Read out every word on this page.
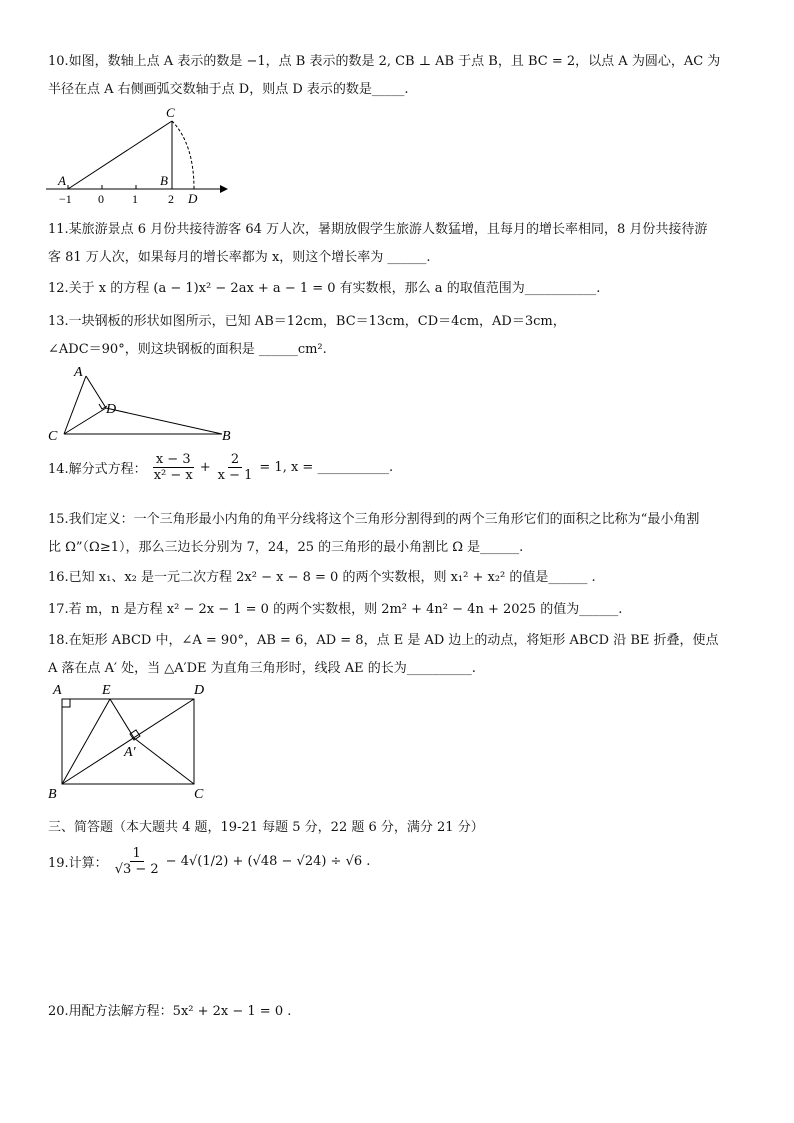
10.如图，数轴上点 A 表示的数是 −1，点 B 表示的数是 2, CB ⊥ AB 于点 B，且 BC = 2，以点 A 为圆心，AC 为
半径在点 A 右侧画弧交数轴于点 D，则点 D 表示的数是_____.
C
A	B
D
−1 0 1	2
11.某旅游景点 6 月份共接待游客 64 万人次，暑期放假学生旅游人数猛增，且每月的增长率相同，8 月份共接待游
客 81 万人次，如果每月的增长率都为 x，则这个增长率为 ______.
12.关于 x 的方程 (a − 1)x² − 2ax + a − 1 = 0 有实数根，那么 a 的取值范围为___________.
13.一块钢板的形状如图所示，已知 AB＝12cm，BC＝13cm，CD＝4cm，AD＝3cm，
∠ADC＝90°，则这块钢板的面积是 ______cm².
A
D
C	B
14.解分式方程： $\frac{x - 3}{\text{x² − x}} + \frac{2}{x - 1} = 1$, x = ___________.
15.我们定义：一个三角形最小内角的角平分线将这个三角形分割得到的两个三角形它们的面积之比称为“最小角割
比 Ω”（Ω≥1），那么三边长分别为 7，24，25 的三角形的最小角割比 Ω 是______.
16.已知 x₁、x₂ 是一元二次方程 2x² − x − 8 = 0 的两个实数根，则 x₁² + x₂² 的值是______ .
17.若 m，n 是方程 x² − 2x − 1 = 0 的两个实数根，则 2m² + 4n² − 4n + 2025 的值为______.
18.在矩形 ABCD 中，∠A = 90°，AB = 6，AD = 8，点 E 是 AD 边上的动点，将矩形 ABCD 沿 BE 折叠，使点
A 落在点 A′ 处，当 △A′DE 为直角三角形时，线段 AE 的长为__________.
A	E	D
A′
B	C
三、简答题（本大题共 4 题，19-21 每题 5 分，22 题 6 分，满分 21 分）
19.计算： $\frac{1}{√3 - 2} - 4√(1/2) + (√48 - √24) \div √6$ .
20.用配方法解方程：5x² + 2x − 1 = 0 .
